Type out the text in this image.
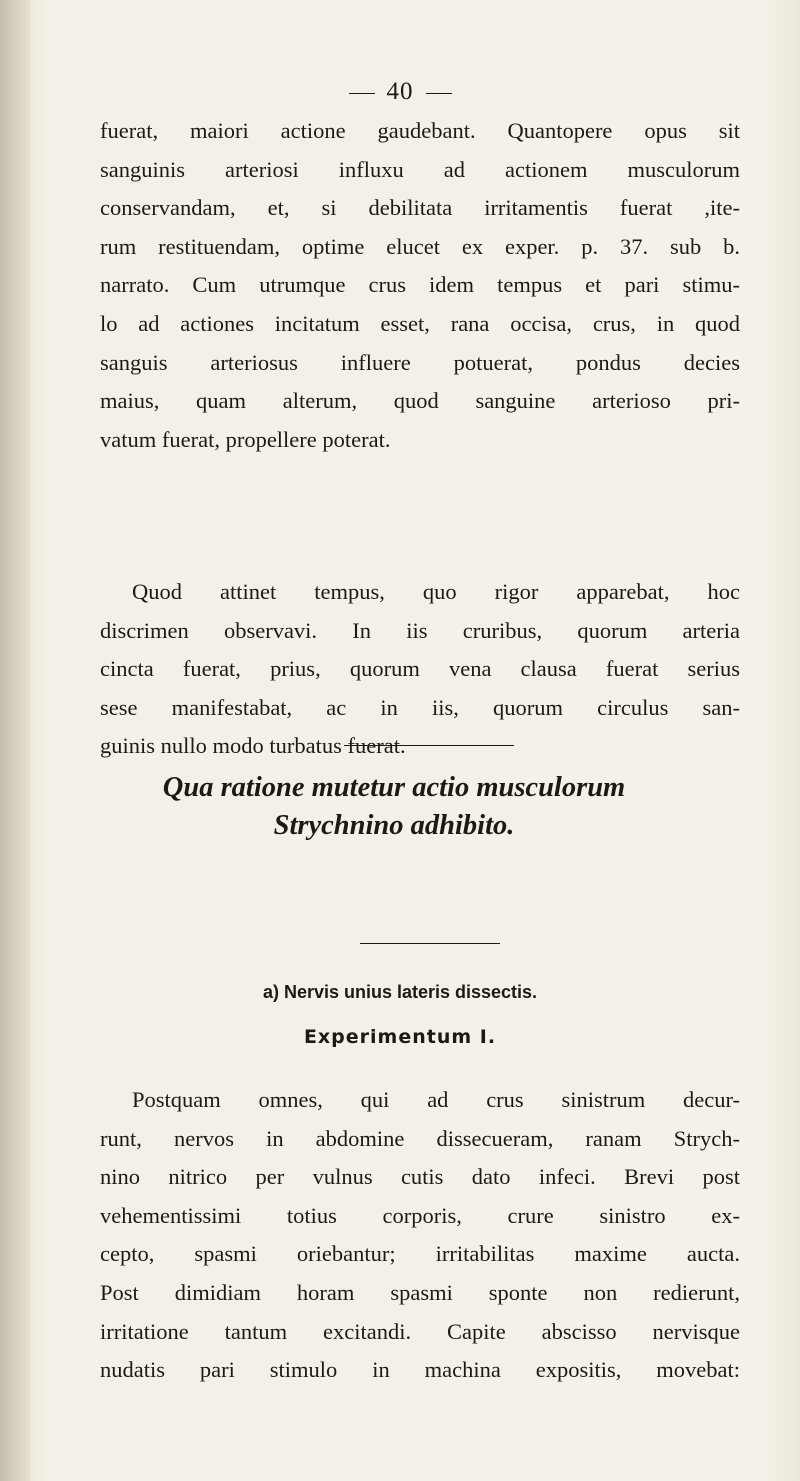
40
fuerat, maiori actione gaudebant. Quantopere opus sit
sanguinis arteriosi influxu ad actionem musculorum
conservandam, et, si debilitata irritamentis fuerat ,ite-
rum restituendam, optime elucet ex exper. p. 37. sub b.
narrato. Cum utrumque crus idem tempus et pari stimu-
lo ad actiones incitatum esset, rana occisa, crus, in quod
sanguis arteriosus influere potuerat, pondus decies
maius, quam alterum, quod sanguine arterioso pri-
vatum fuerat, propellere poterat.
Quod attinet tempus, quo rigor apparebat, hoc
discrimen observavi. In iis cruribus, quorum arteria
cincta fuerat, prius, quorum vena clausa fuerat serius
sese manifestabat, ac in iis, quorum circulus san-
guinis nullo modo turbatus fuerat.
Qua ratione mutetur actio musculorum
Strychnino adhibito.
a) Nervis unius lateris dissectis.
Experimentum I.
Postquam omnes, qui ad crus sinistrum decur-
runt, nervos in abdomine dissecueram, ranam Strych-
nino nitrico per vulnus cutis dato infeci. Brevi post
vehementissimi totius corporis, crure sinistro ex-
cepto, spasmi oriebantur; irritabilitas maxime aucta.
Post dimidiam horam spasmi sponte non redierunt,
irritatione tantum excitandi. Capite abscisso nervisque
nudatis pari stimulo in machina expositis, movebat:
